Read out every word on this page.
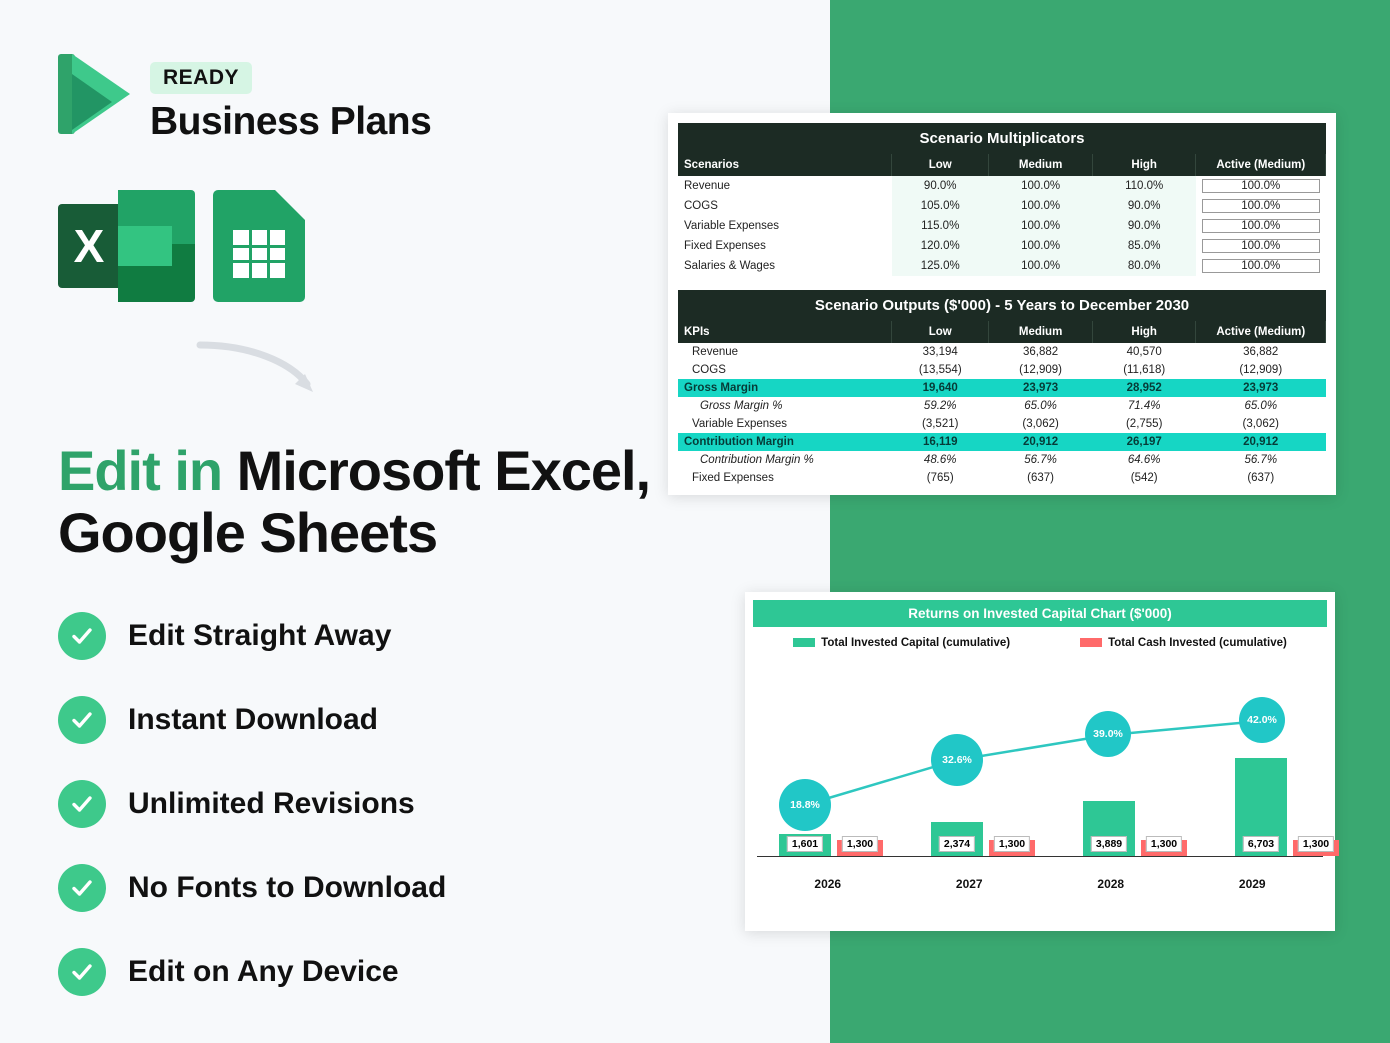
READY
Business Plans
X
Edit in Microsoft Excel, Google Sheets
Edit Straight Away
Instant Download
Unlimited Revisions
No Fonts to Download
Edit on Any Device
Scenario Multiplicators
Scenarios	Low	Medium	High	Active (Medium)
Revenue	90.0%	100.0%	110.0%	100.0%

COGS	105.0%	100.0%	90.0%	100.0%

Variable Expenses	115.0%	100.0%	90.0%	100.0%

Fixed Expenses	120.0%	100.0%	85.0%	100.0%

Salaries & Wages	125.0%	100.0%	80.0%	100.0%
Scenario Outputs ($'000) - 5 Years to December 2030
KPIs	Low	Medium	High	Active (Medium)
Revenue	33,194	36,882	40,570	36,882
COGS	(13,554)	(12,909)	(11,618)	(12,909)
Gross Margin	19,640	23,973	28,952	23,973
Gross Margin %	59.2%	65.0%	71.4%	65.0%
Variable Expenses	(3,521)	(3,062)	(2,755)	(3,062)
Contribution Margin	16,119	20,912	26,197	20,912
Contribution Margin %	48.6%	56.7%	64.6%	56.7%
Fixed Expenses	(765)	(637)	(542)	(637)
Returns on Invested Capital Chart ($'000)
Total Invested Capital (cumulative)	Total Cash Invested (cumulative)
1,601	1,300
18.8%
2,374	1,300
32.6%
3,889	1,300
39.0%
6,703	1,300
42.0%
2026	2027	2028	2029
